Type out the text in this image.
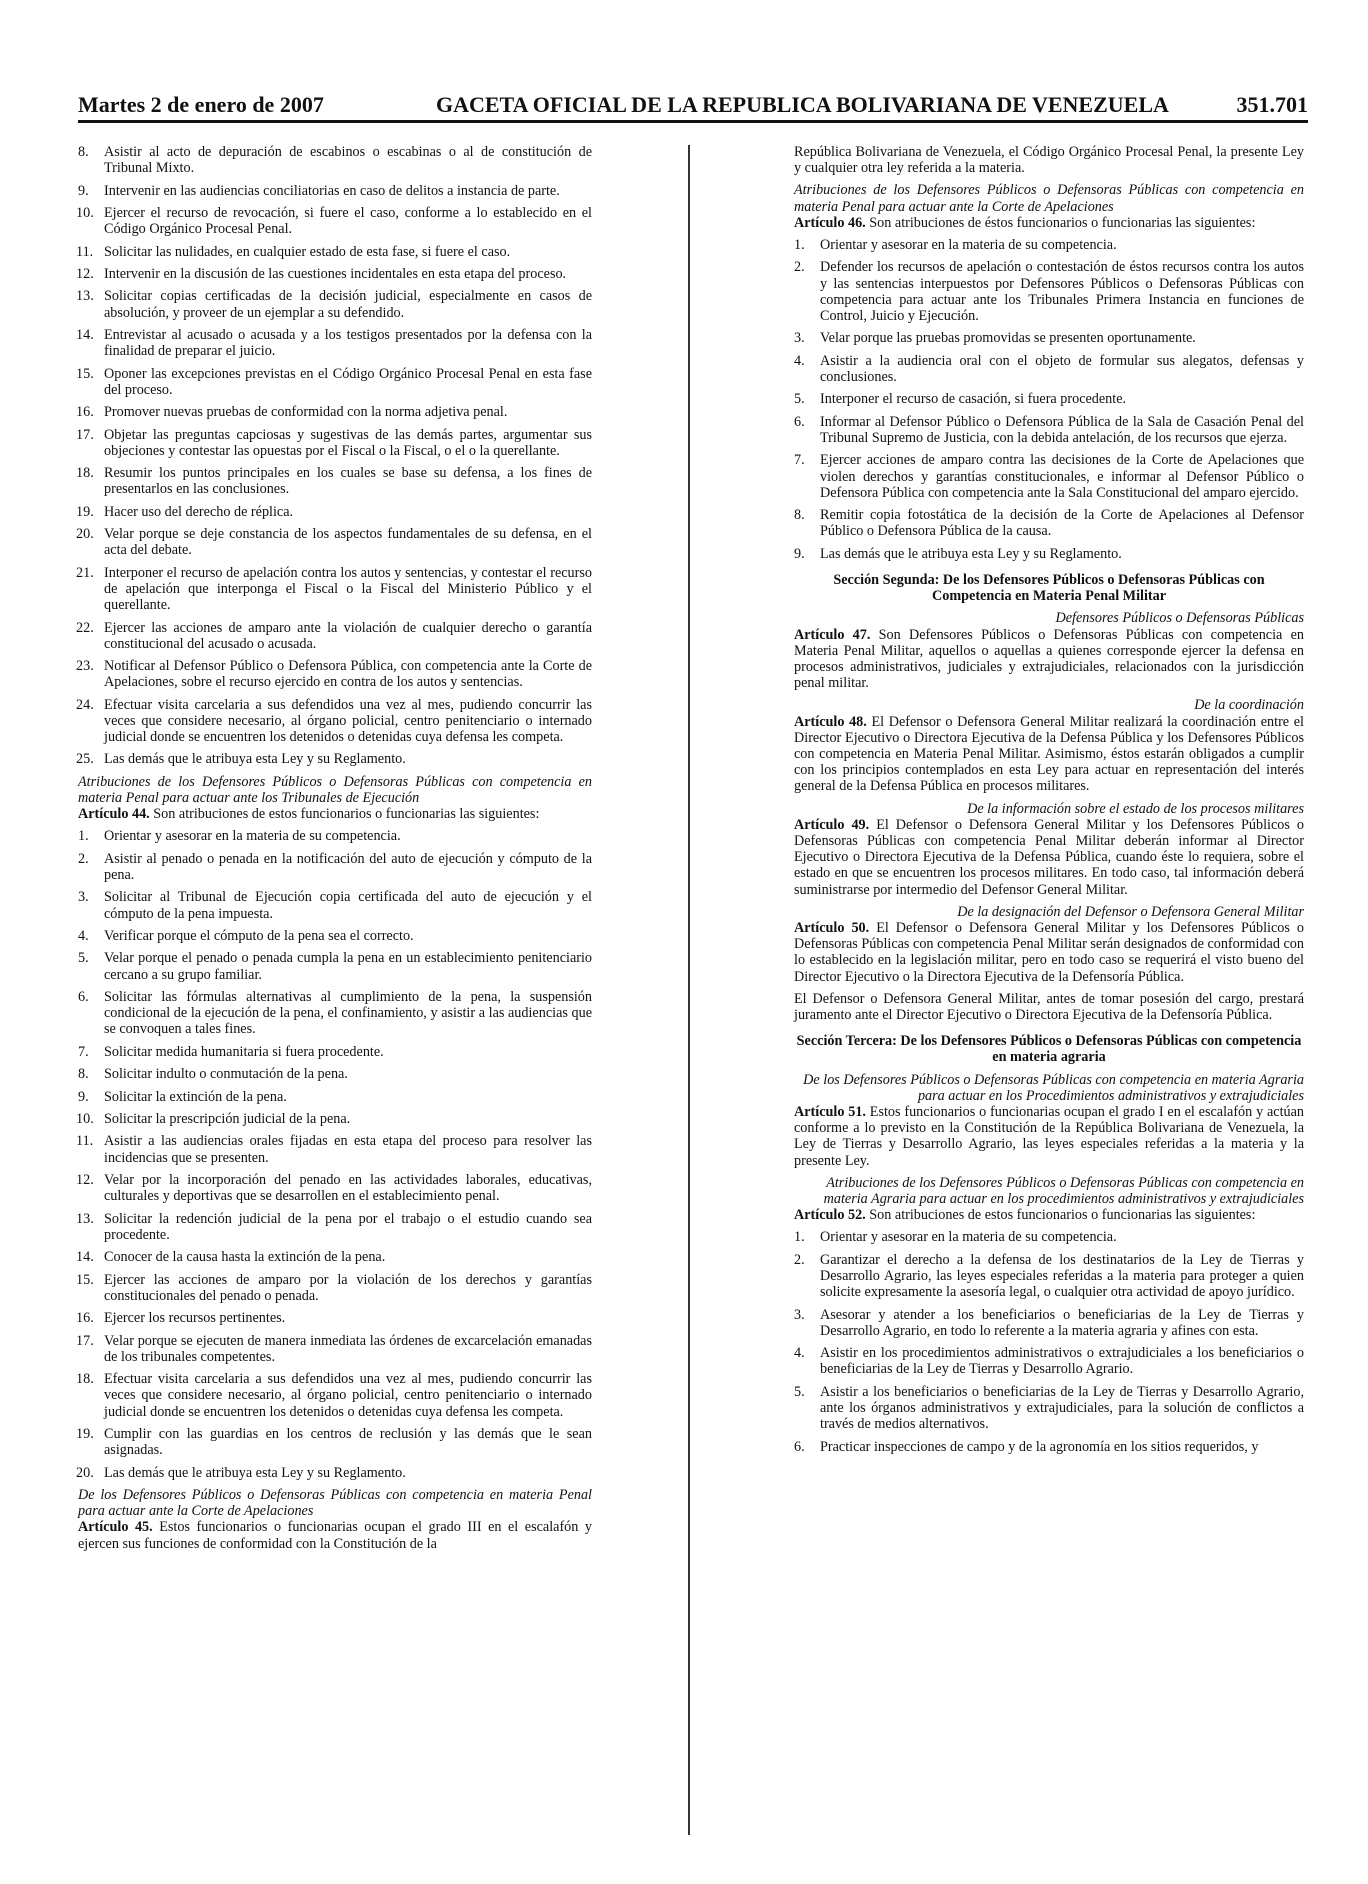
Martes 2 de enero de 2007	GACETA OFICIAL DE LA REPUBLICA BOLIVARIANA DE VENEZUELA	351.701
8. Asistir al acto de depuración de escabinos o escabinas o al de constitución de Tribunal Mixto.
9. Intervenir en las audiencias conciliatorias en caso de delitos a instancia de parte.
10. Ejercer el recurso de revocación, si fuere el caso, conforme a lo establecido en el Código Orgánico Procesal Penal.
11. Solicitar las nulidades, en cualquier estado de esta fase, si fuere el caso.
12. Intervenir en la discusión de las cuestiones incidentales en esta etapa del proceso.
13. Solicitar copias certificadas de la decisión judicial, especialmente en casos de absolución, y proveer de un ejemplar a su defendido.
14. Entrevistar al acusado o acusada y a los testigos presentados por la defensa con la finalidad de preparar el juicio.
15. Oponer las excepciones previstas en el Código Orgánico Procesal Penal en esta fase del proceso.
16. Promover nuevas pruebas de conformidad con la norma adjetiva penal.
17. Objetar las preguntas capciosas y sugestivas de las demás partes, argumentar sus objeciones y contestar las opuestas por el Fiscal o la Fiscal, o el o la querellante.
18. Resumir los puntos principales en los cuales se base su defensa, a los fines de presentarlos en las conclusiones.
19. Hacer uso del derecho de réplica.
20. Velar porque se deje constancia de los aspectos fundamentales de su defensa, en el acta del debate.
21. Interponer el recurso de apelación contra los autos y sentencias, y contestar el recurso de apelación que interponga el Fiscal o la Fiscal del Ministerio Público y el querellante.
22. Ejercer las acciones de amparo ante la violación de cualquier derecho o garantía constitucional del acusado o acusada.
23. Notificar al Defensor Público o Defensora Pública, con competencia ante la Corte de Apelaciones, sobre el recurso ejercido en contra de los autos y sentencias.
24. Efectuar visita carcelaria a sus defendidos una vez al mes, pudiendo concurrir las veces que considere necesario, al órgano policial, centro penitenciario o internado judicial donde se encuentren los detenidos o detenidas cuya defensa les competa.
25. Las demás que le atribuya esta Ley y su Reglamento.
Atribuciones de los Defensores Públicos o Defensoras Públicas con competencia en materia Penal para actuar ante los Tribunales de Ejecución
Artículo 44. Son atribuciones de estos funcionarios o funcionarias las siguientes:
1. Orientar y asesorar en la materia de su competencia.
2. Asistir al penado o penada en la notificación del auto de ejecución y cómputo de la pena.
3. Solicitar al Tribunal de Ejecución copia certificada del auto de ejecución y el cómputo de la pena impuesta.
4. Verificar porque el cómputo de la pena sea el correcto.
5. Velar porque el penado o penada cumpla la pena en un establecimiento penitenciario cercano a su grupo familiar.
6. Solicitar las fórmulas alternativas al cumplimiento de la pena, la suspensión condicional de la ejecución de la pena, el confinamiento, y asistir a las audiencias que se convoquen a tales fines.
7. Solicitar medida humanitaria si fuera procedente.
8. Solicitar indulto o conmutación de la pena.
9. Solicitar la extinción de la pena.
10. Solicitar la prescripción judicial de la pena.
11. Asistir a las audiencias orales fijadas en esta etapa del proceso para resolver las incidencias que se presenten.
12. Velar por la incorporación del penado en las actividades laborales, educativas, culturales y deportivas que se desarrollen en el establecimiento penal.
13. Solicitar la redención judicial de la pena por el trabajo o el estudio cuando sea procedente.
14. Conocer de la causa hasta la extinción de la pena.
15. Ejercer las acciones de amparo por la violación de los derechos y garantías constitucionales del penado o penada.
16. Ejercer los recursos pertinentes.
17. Velar porque se ejecuten de manera inmediata las órdenes de excarcelación emanadas de los tribunales competentes.
18. Efectuar visita carcelaria a sus defendidos una vez al mes, pudiendo concurrir las veces que considere necesario, al órgano policial, centro penitenciario o internado judicial donde se encuentren los detenidos o detenidas cuya defensa les competa.
19. Cumplir con las guardias en los centros de reclusión y las demás que le sean asignadas.
20. Las demás que le atribuya esta Ley y su Reglamento.
De los Defensores Públicos o Defensoras Públicas con competencia en materia Penal para actuar ante la Corte de Apelaciones
Artículo 45. Estos funcionarios o funcionarias ocupan el grado III en el escalafón y ejercen sus funciones de conformidad con la Constitución de la
República Bolivariana de Venezuela, el Código Orgánico Procesal Penal, la presente Ley y cualquier otra ley referida a la materia.
Atribuciones de los Defensores Públicos o Defensoras Públicas con competencia en materia Penal para actuar ante la Corte de Apelaciones
Artículo 46. Son atribuciones de éstos funcionarios o funcionarias las siguientes:
1. Orientar y asesorar en la materia de su competencia.
2. Defender los recursos de apelación o contestación de éstos recursos contra los autos y las sentencias interpuestos por Defensores Públicos o Defensoras Públicas con competencia para actuar ante los Tribunales Primera Instancia en funciones de Control, Juicio y Ejecución.
3. Velar porque las pruebas promovidas se presenten oportunamente.
4. Asistir a la audiencia oral con el objeto de formular sus alegatos, defensas y conclusiones.
5. Interponer el recurso de casación, si fuera procedente.
6. Informar al Defensor Público o Defensora Pública de la Sala de Casación Penal del Tribunal Supremo de Justicia, con la debida antelación, de los recursos que ejerza.
7. Ejercer acciones de amparo contra las decisiones de la Corte de Apelaciones que violen derechos y garantías constitucionales, e informar al Defensor Público o Defensora Pública con competencia ante la Sala Constitucional del amparo ejercido.
8. Remitir copia fotostática de la decisión de la Corte de Apelaciones al Defensor Público o Defensora Pública de la causa.
9. Las demás que le atribuya esta Ley y su Reglamento.
Sección Segunda: De los Defensores Públicos o Defensoras Públicas con Competencia en Materia Penal Militar
Defensores Públicos o Defensoras Públicas
Artículo 47. Son Defensores Públicos o Defensoras Públicas con competencia en Materia Penal Militar, aquellos o aquellas a quienes corresponde ejercer la defensa en procesos administrativos, judiciales y extrajudiciales, relacionados con la jurisdicción penal militar.
De la coordinación
Artículo 48. El Defensor o Defensora General Militar realizará la coordinación entre el Director Ejecutivo o Directora Ejecutiva de la Defensa Pública y los Defensores Públicos con competencia en Materia Penal Militar. Asimismo, éstos estarán obligados a cumplir con los principios contemplados en esta Ley para actuar en representación del interés general de la Defensa Pública en procesos militares.
De la información sobre el estado de los procesos militares
Artículo 49. El Defensor o Defensora General Militar y los Defensores Públicos o Defensoras Públicas con competencia Penal Militar deberán informar al Director Ejecutivo o Directora Ejecutiva de la Defensa Pública, cuando éste lo requiera, sobre el estado en que se encuentren los procesos militares. En todo caso, tal información deberá suministrarse por intermedio del Defensor General Militar.
De la designación del Defensor o Defensora General Militar
Artículo 50. El Defensor o Defensora General Militar y los Defensores Públicos o Defensoras Públicas con competencia Penal Militar serán designados de conformidad con lo establecido en la legislación militar, pero en todo caso se requerirá el visto bueno del Director Ejecutivo o la Directora Ejecutiva de la Defensoría Pública.
El Defensor o Defensora General Militar, antes de tomar posesión del cargo, prestará juramento ante el Director Ejecutivo o Directora Ejecutiva de la Defensoría Pública.
Sección Tercera: De los Defensores Públicos o Defensoras Públicas con competencia en materia agraria
De los Defensores Públicos o Defensoras Públicas con competencia en materia Agraria para actuar en los Procedimientos administrativos y extrajudiciales
Artículo 51. Estos funcionarios o funcionarias ocupan el grado I en el escalafón y actúan conforme a lo previsto en la Constitución de la República Bolivariana de Venezuela, la Ley de Tierras y Desarrollo Agrario, las leyes especiales referidas a la materia y la presente Ley.
Atribuciones de los Defensores Públicos o Defensoras Públicas con competencia en materia Agraria para actuar en los procedimientos administrativos y extrajudiciales
Artículo 52. Son atribuciones de estos funcionarios o funcionarias las siguientes:
1. Orientar y asesorar en la materia de su competencia.
2. Garantizar el derecho a la defensa de los destinatarios de la Ley de Tierras y Desarrollo Agrario, las leyes especiales referidas a la materia para proteger a quien solicite expresamente la asesoría legal, o cualquier otra actividad de apoyo jurídico.
3. Asesorar y atender a los beneficiarios o beneficiarias de la Ley de Tierras y Desarrollo Agrario, en todo lo referente a la materia agraria y afines con esta.
4. Asistir en los procedimientos administrativos o extrajudiciales a los beneficiarios o beneficiarias de la Ley de Tierras y Desarrollo Agrario.
5. Asistir a los beneficiarios o beneficiarias de la Ley de Tierras y Desarrollo Agrario, ante los órganos administrativos y extrajudiciales, para la solución de conflictos a través de medios alternativos.
6. Practicar inspecciones de campo y de la agronomía en los sitios requeridos, y
